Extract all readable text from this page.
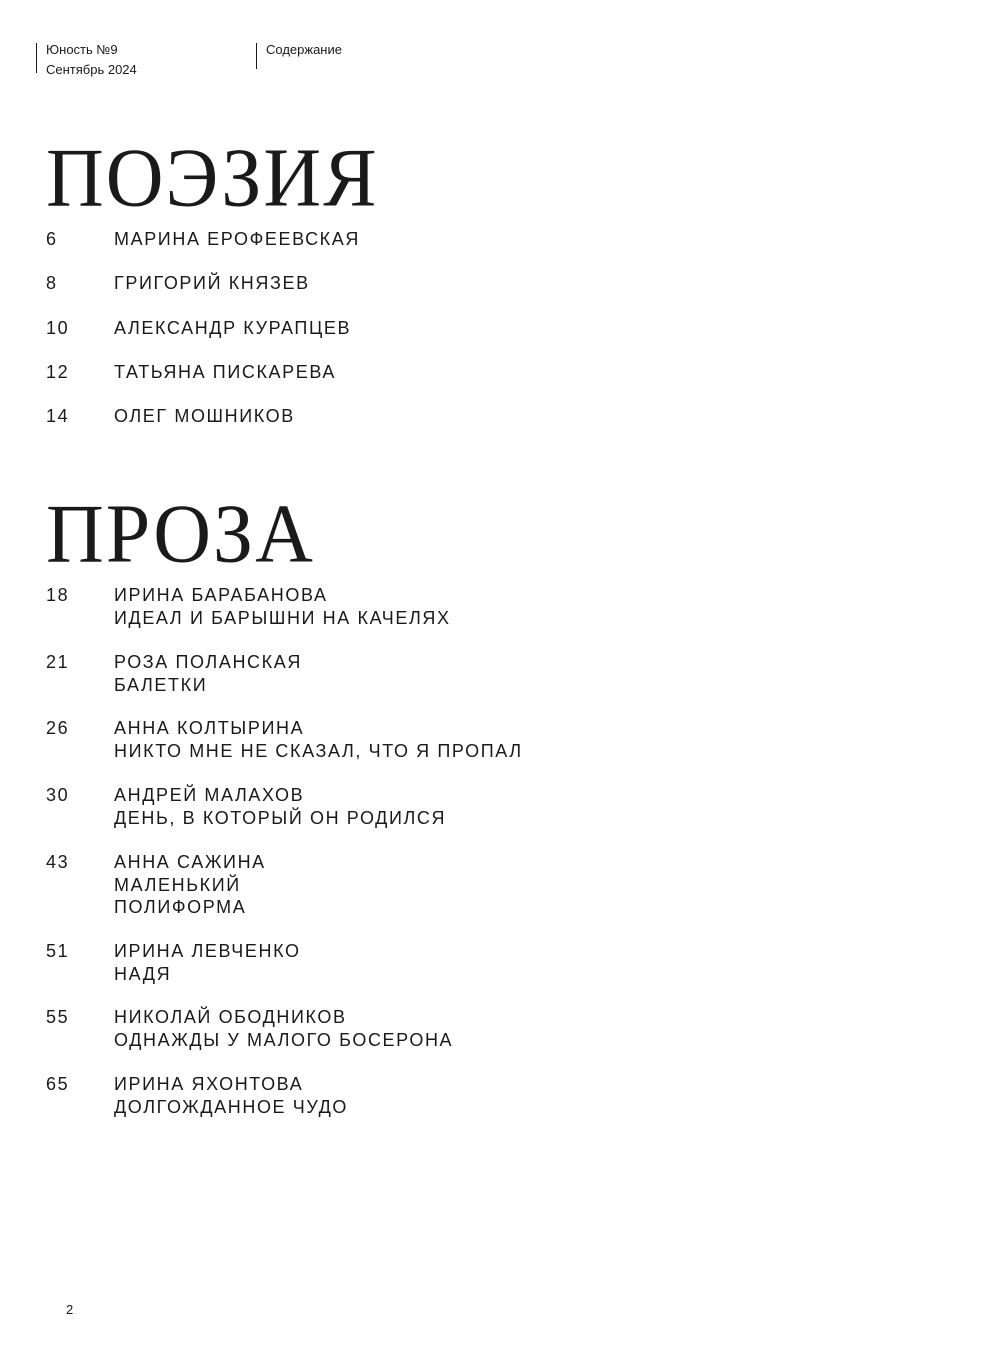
Юность №9
Сентябрь 2024
Содержание
ПОЭЗИЯ
6	МАРИНА ЕРОФЕЕВСКАЯ
8	ГРИГОРИЙ КНЯЗЕВ
10	АЛЕКСАНДР КУРАПЦЕВ
12	ТАТЬЯНА ПИСКАРЕВА
14	ОЛЕГ МОШНИКОВ
ПРОЗА
18	ИРИНА БАРАБАНОВА
ИДЕАЛ И БАРЫШНИ НА КАЧЕЛЯХ
21	РОЗА ПОЛАНСКАЯ
БАЛЕТКИ
26	АННА КОЛТЫРИНА
НИКТО МНЕ НЕ СКАЗАЛ, ЧТО Я ПРОПАЛ
30	АНДРЕЙ МАЛАХОВ
ДЕНЬ, В КОТОРЫЙ ОН РОДИЛСЯ
43	АННА САЖИНА
МАЛЕНЬКИЙ
ПОЛИФОРМА
51	ИРИНА ЛЕВЧЕНКО
НАДЯ
55	НИКОЛАЙ ОБОДНИКОВ
ОДНАЖДЫ У МАЛОГО БОСЕРОНА
65	ИРИНА ЯХОНТОВА
ДОЛГОЖДАННОЕ ЧУДО
2
